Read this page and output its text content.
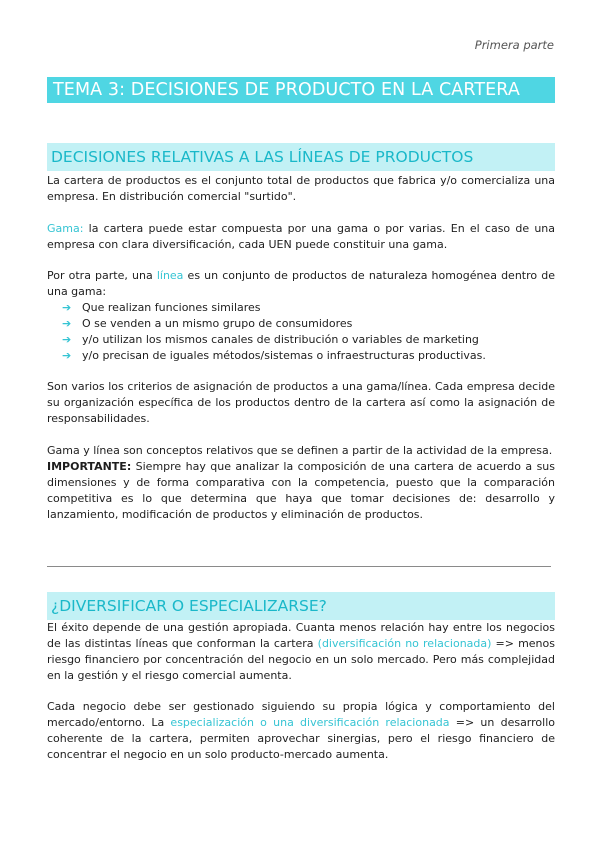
Primera parte
TEMA 3: DECISIONES DE PRODUCTO EN LA CARTERA
DECISIONES RELATIVAS A LAS LÍNEAS DE PRODUCTOS

La cartera de productos es el conjunto total de productos que fabrica y/o comercializa una empresa. En distribución comercial "surtido".

Gama: la cartera puede estar compuesta por una gama o por varias. En el caso de una empresa con clara diversificación, cada UEN puede constituir una gama.

Por otra parte, una línea es un conjunto de productos de naturaleza homogénea dentro de una gama:

➔ Que realizan funciones similares
➔ O se venden a un mismo grupo de consumidores
➔ y/o utilizan los mismos canales de distribución o variables de marketing
➔ y/o precisan de iguales métodos/sistemas o infraestructuras productivas.

Son varios los criterios de asignación de productos a una gama/línea. Cada empresa decide su organización específica de los productos dentro de la cartera así como la asignación de responsabilidades.

Gama y línea son conceptos relativos que se definen a partir de la actividad de la empresa.
IMPORTANTE: Siempre hay que analizar la composición de una cartera de acuerdo a sus dimensiones y de forma comparativa con la competencia, puesto que la comparación competitiva es lo que determina que haya que tomar decisiones de: desarrollo y lanzamiento, modificación de productos y eliminación de productos.

¿DIVERSIFICAR O ESPECIALIZARSE?

El éxito depende de una gestión apropiada. Cuanta menos relación hay entre los negocios de las distintas líneas que conforman la cartera (diversificación no relacionada) => menos riesgo financiero por concentración del negocio en un solo mercado. Pero más complejidad en la gestión y el riesgo comercial aumenta.

Cada negocio debe ser gestionado siguiendo su propia lógica y comportamiento del mercado/entorno. La especialización o una diversificación relacionada => un desarrollo coherente de la cartera, permiten aprovechar sinergias, pero el riesgo financiero de concentrar el negocio en un solo producto-mercado aumenta.
